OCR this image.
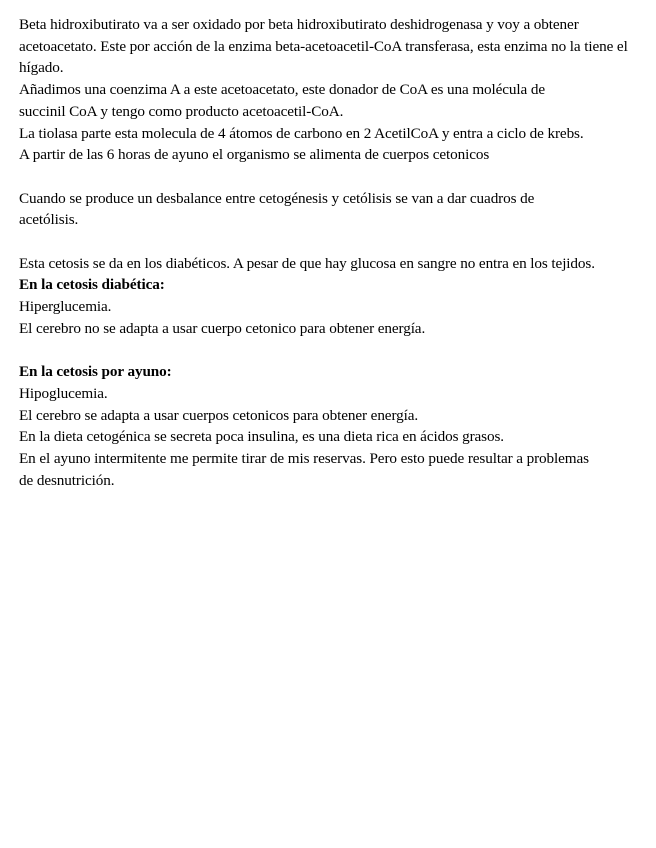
Beta hidroxibutirato va a ser oxidado por beta hidroxibutirato deshidrogenasa y voy a obtener acetoacetato. Este por acción de la enzima beta-acetoacetil-CoA transferasa, esta enzima no la tiene el hígado.

Añadimos una coenzima A a este acetoacetato, este donador de CoA es una molécula de succinil CoA y tengo como producto acetoacetil-CoA.

La tiolasa parte esta molecula de 4 átomos de carbono en 2 AcetilCoA y entra a ciclo de krebs.

A partir de las 6 horas de ayuno el organismo se alimenta de cuerpos cetonicos

Cuando se produce un desbalance entre cetogénesis y cetólisis se van a dar cuadros de acetólisis.

Esta cetosis se da en los diabéticos. A pesar de que hay glucosa en sangre no entra en los tejidos.

En la cetosis diabética:

Hiperglucemia.

El cerebro no se adapta a usar cuerpo cetonico para obtener energía.

En la cetosis por ayuno:

Hipoglucemia.

El cerebro se adapta a usar cuerpos cetonicos para obtener energía.

En la dieta cetogénica se secreta poca insulina, es una dieta rica en ácidos grasos.

En el ayuno intermitente me permite tirar de mis reservas. Pero esto puede resultar a problemas de desnutrición.
